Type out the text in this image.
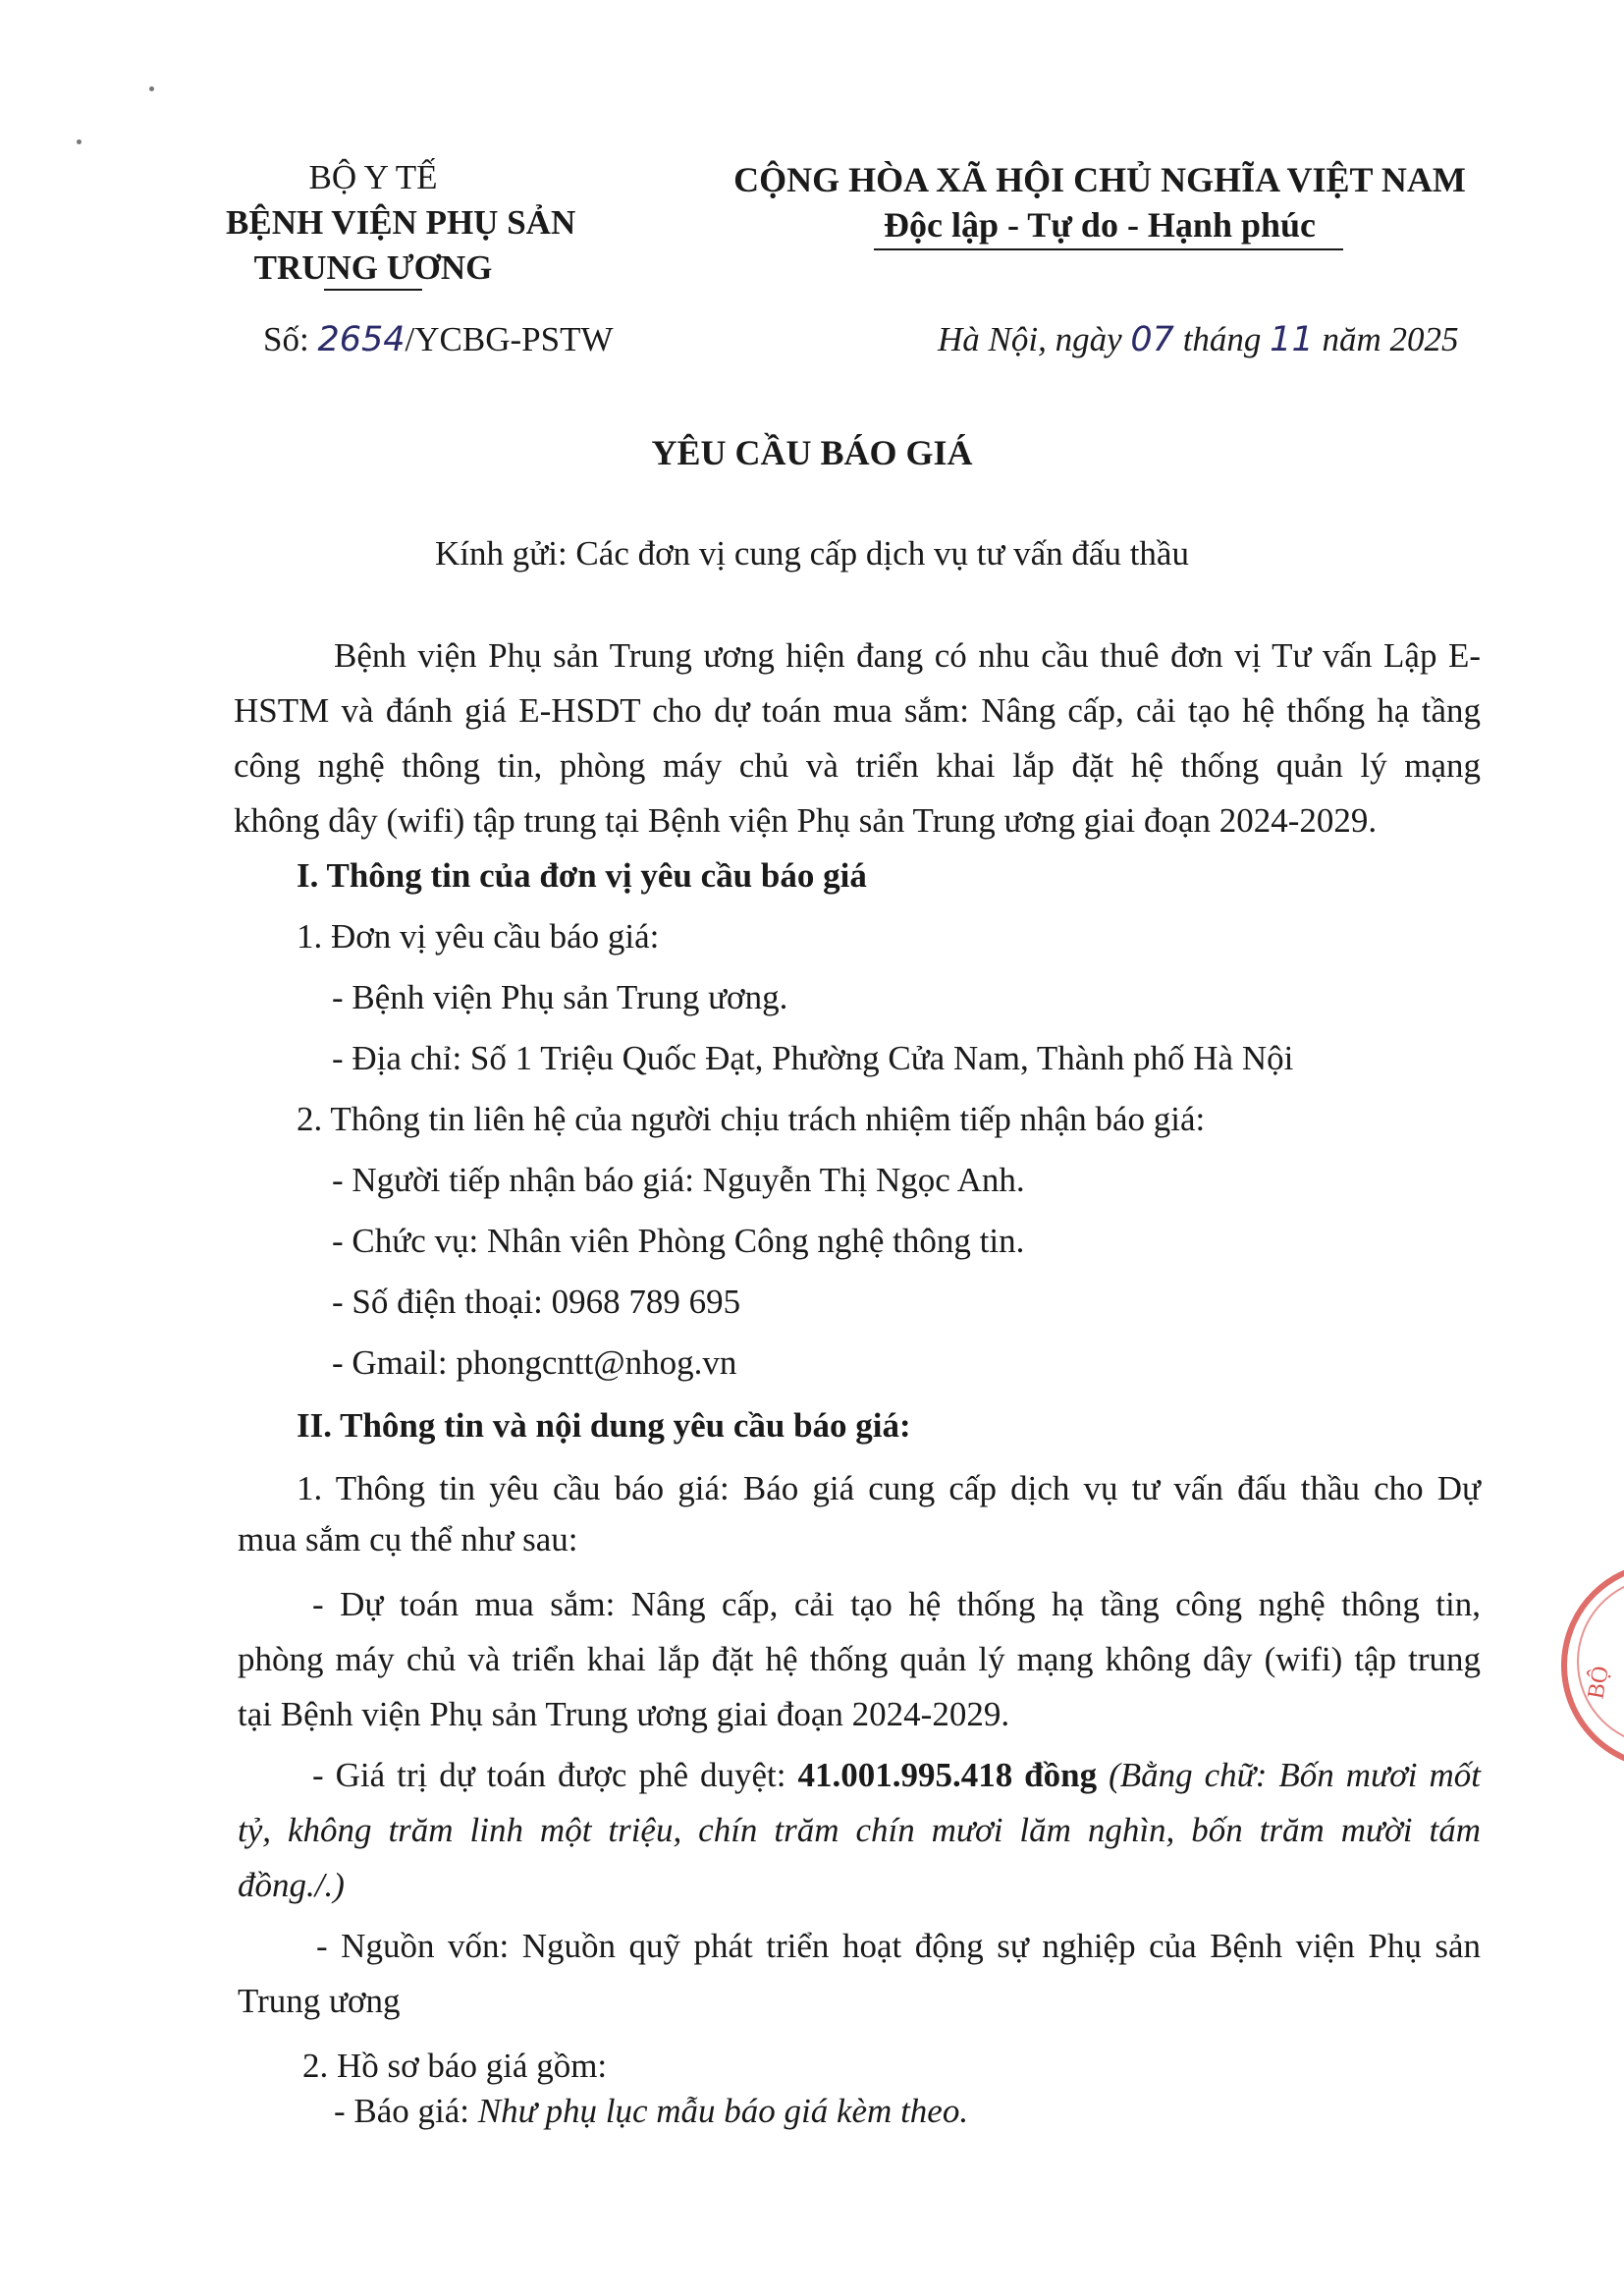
BỘ Y TẾ
BỆNH VIỆN PHỤ SẢN
TRUNG ƯƠNG
CỘNG HÒA XÃ HỘI CHỦ NGHĨA VIỆT NAM
Độc lập - Tự do - Hạnh phúc
Số: 2654/YCBG-PSTW	Hà Nội, ngày 07 tháng 11 năm 2025
YÊU CẦU BÁO GIÁ
Kính gửi: Các đơn vị cung cấp dịch vụ tư vấn đấu thầu
Bệnh viện Phụ sản Trung ương hiện đang có nhu cầu thuê đơn vị Tư vấn Lập E-
HSTM và đánh giá E-HSDT cho dự toán mua sắm: Nâng cấp, cải tạo hệ thống hạ tầng
công nghệ thông tin, phòng máy chủ và triển khai lắp đặt hệ thống quản lý mạng
không dây (wifi) tập trung tại Bệnh viện Phụ sản Trung ương giai đoạn 2024-2029.
I. Thông tin của đơn vị yêu cầu báo giá
1. Đơn vị yêu cầu báo giá:
- Bệnh viện Phụ sản Trung ương.
- Địa chỉ: Số 1 Triệu Quốc Đạt, Phường Cửa Nam, Thành phố Hà Nội
2. Thông tin liên hệ của người chịu trách nhiệm tiếp nhận báo giá:
- Người tiếp nhận báo giá: Nguyễn Thị Ngọc Anh.
- Chức vụ: Nhân viên Phòng Công nghệ thông tin.
- Số điện thoại: 0968 789 695
- Gmail: phongcntt@nhog.vn
II. Thông tin và nội dung yêu cầu báo giá:
1. Thông tin yêu cầu báo giá: Báo giá cung cấp dịch vụ tư vấn đấu thầu cho Dự
mua sắm cụ thể như sau:
- Dự toán mua sắm: Nâng cấp, cải tạo hệ thống hạ tầng công nghệ thông tin,
phòng máy chủ và triển khai lắp đặt hệ thống quản lý mạng không dây (wifi) tập trung
tại Bệnh viện Phụ sản Trung ương giai đoạn 2024-2029.
- Giá trị dự toán được phê duyệt: 41.001.995.418 đồng (Bằng chữ: Bốn mươi mốt
tỷ, không trăm linh một triệu, chín trăm chín mươi lăm nghìn, bốn trăm mười tám
đồng./.)
- Nguồn vốn: Nguồn quỹ phát triển hoạt động sự nghiệp của Bệnh viện Phụ sản
Trung ương
2. Hồ sơ báo giá gồm:
- Báo giá: Như phụ lục mẫu báo giá kèm theo.
BỘ
